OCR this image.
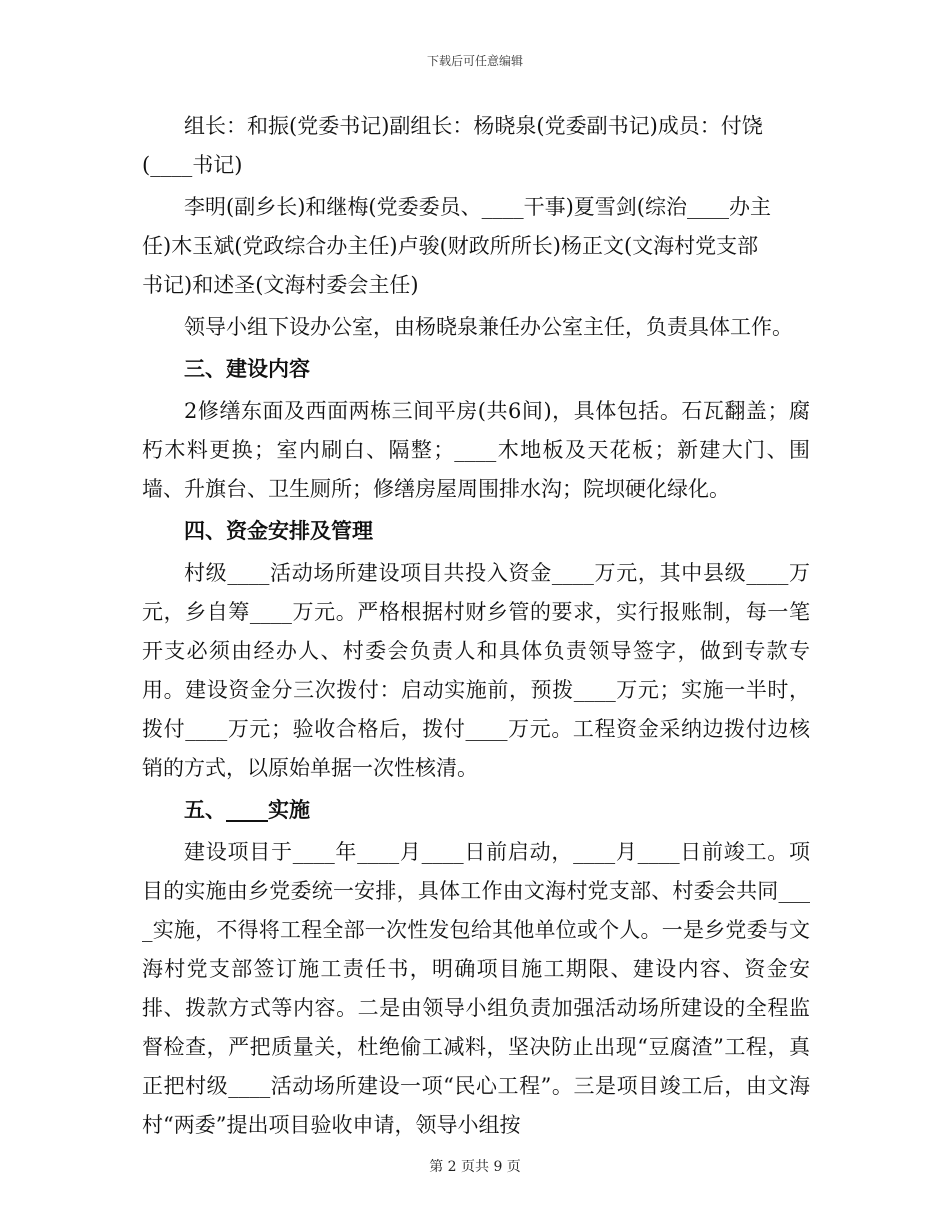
下载后可任意编辑

组长：和振(党委书记)副组长：杨晓泉(党委副书记)成员：付饶

(____书记)

李明(副乡长)和继梅(党委委员、____干事)夏雪剑(综治____办主

任)木玉斌(党政综合办主任)卢骏(财政所所长)杨正文(文海村党支部

书记)和述圣(文海村委会主任)

领导小组下设办公室，由杨晓泉兼任办公室主任，负责具体工作。

三、建设内容

2修缮东面及西面两栋三间平房(共6间)，具体包括。石瓦翻盖；腐朽木料更换；室内刷白、隔整；____木地板及天花板；新建大门、围墙、升旗台、卫生厕所；修缮房屋周围排水沟；院坝硬化绿化。

四、资金安排及管理

村级____活动场所建设项目共投入资金____万元，其中县级____万元，乡自筹____万元。严格根据村财乡管的要求，实行报账制，每一笔开支必须由经办人、村委会负责人和具体负责领导签字，做到专款专用。建设资金分三次拨付：启动实施前，预拨____万元；实施一半时，拨付____万元；验收合格后，拨付____万元。工程资金采纳边拨付边核销的方式，以原始单据一次性核清。

五、____实施

建设项目于____年____月____日前启动，____月____日前竣工。项目的实施由乡党委统一安排，具体工作由文海村党支部、村委会共同____实施，不得将工程全部一次性发包给其他单位或个人。一是乡党委与文海村党支部签订施工责任书，明确项目施工期限、建设内容、资金安排、拨款方式等内容。二是由领导小组负责加强活动场所建设的全程监督检查，严把质量关，杜绝偷工减料，坚决防止出现“豆腐渣”工程，真正把村级____活动场所建设一项“民心工程”。三是项目竣工后，由文海村“两委”提出项目验收申请，领导小组按

第 2 页共 9 页
